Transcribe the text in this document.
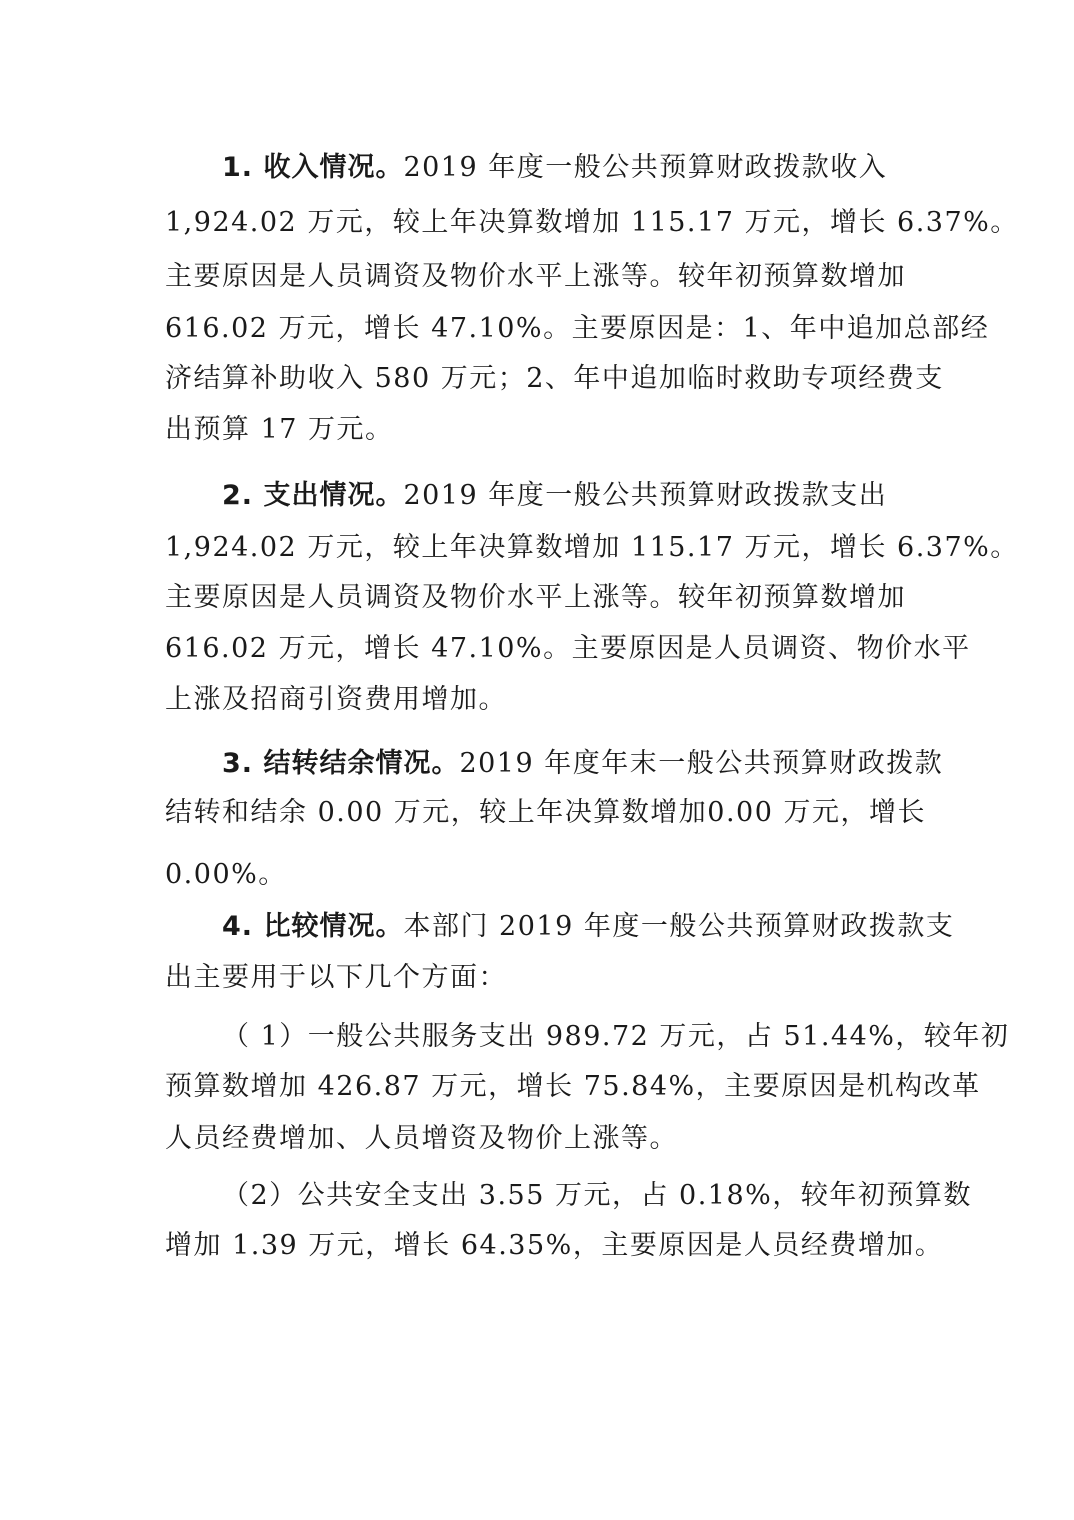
1. 收入情况。2019 年度一般公共预算财政拨款收入

1,924.02 万元，较上年决算数增加 115.17 万元，增长 6.37%。

主要原因是人员调资及物价水平上涨等。较年初预算数增加

616.02 万元，增长 47.10%。主要原因是：1、年中追加总部经

济结算补助收入 580 万元；2、年中追加临时救助专项经费支

出预算 17 万元。

2. 支出情况。2019 年度一般公共预算财政拨款支出

1,924.02 万元，较上年决算数增加 115.17 万元，增长 6.37%。

主要原因是人员调资及物价水平上涨等。较年初预算数增加

616.02 万元，增长 47.10%。主要原因是人员调资、物价水平

上涨及招商引资费用增加。

3. 结转结余情况。2019 年度年末一般公共预算财政拨款

结转和结余 0.00 万元，较上年决算数增加0.00 万元，增长

0.00%。

4. 比较情况。本部门 2019 年度一般公共预算财政拨款支

出主要用于以下几个方面：

（ 1）一般公共服务支出 989.72 万元，占 51.44%，较年初

预算数增加 426.87 万元，增长 75.84%，主要原因是机构改革

人员经费增加、人员增资及物价上涨等。

（2）公共安全支出 3.55 万元，占 0.18%，较年初预算数

增加 1.39 万元，增长 64.35%，主要原因是人员经费增加。
